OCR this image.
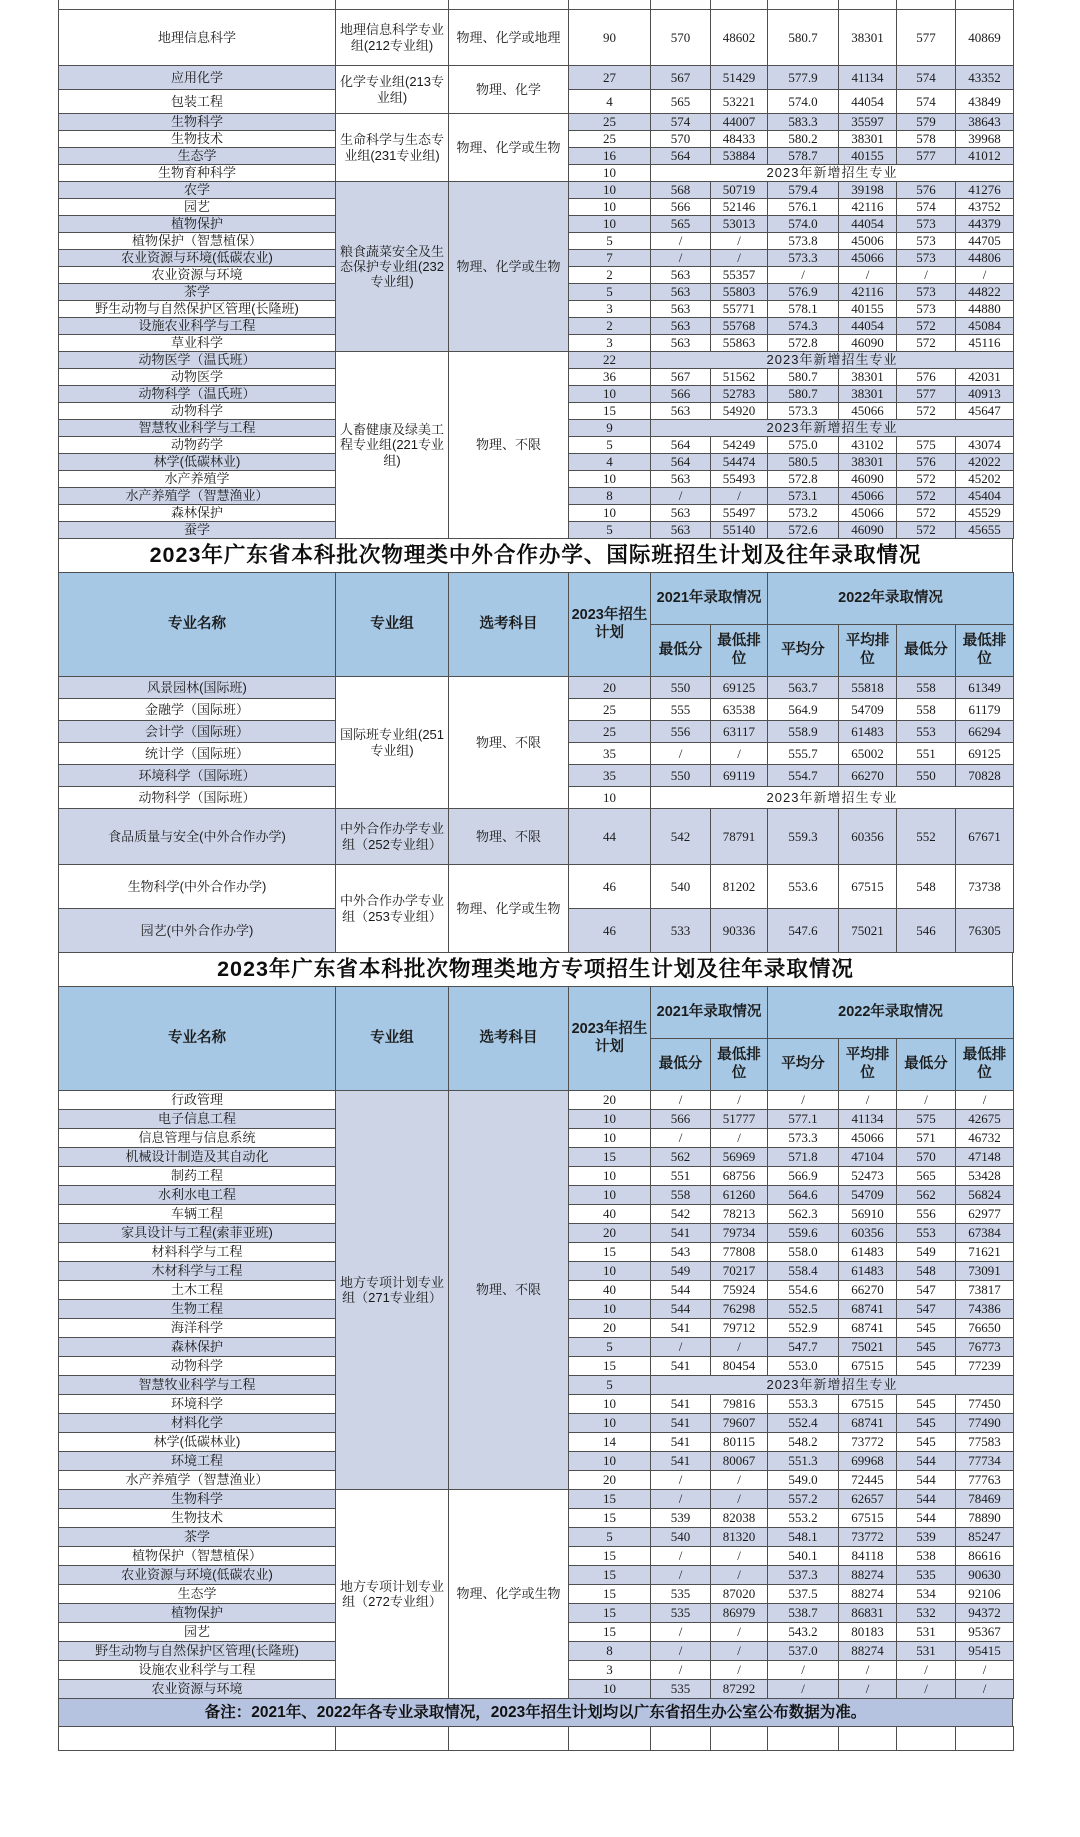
地理信息科学	地理信息科学专业组(212专业组)	物理、化学或地理	90	570	48602	580.7	38301	577	40869
应用化学	化学专业组(213专业组)	物理、化学	27	567	51429	577.9	41134	574	43352
包装工程			4	565	53221	574.0	44054	574	43849
生物科学	生命科学与生态专业组(231专业组)	物理、化学或生物	25	574	44007	583.3	35597	579	38643
生物技术			25	570	48433	580.2	38301	578	39968
生态学			16	564	53884	578.7	40155	577	41012
生物育种科学			10	2023年新增招生专业					
农学	粮食蔬菜安全及生态保护专业组(232专业组)	物理、化学或生物	10	568	50719	579.4	39198	576	41276
园艺			10	566	52146	576.1	42116	574	43752
植物保护			10	565	53013	574.0	44054	573	44379
植物保护（智慧植保）			5	/	/	573.8	45006	573	44705
农业资源与环境(低碳农业)			7	/	/	573.3	45066	573	44806
农业资源与环境			2	563	55357	/	/	/	/
茶学			5	563	55803	576.9	42116	573	44822
野生动物与自然保护区管理(长隆班)			3	563	55771	578.1	40155	573	44880
设施农业科学与工程			2	563	55768	574.3	44054	572	45084
草业科学			3	563	55863	572.8	46090	572	45116
动物医学（温氏班）	人畜健康及绿美工程专业组(221专业组)	物理、不限	22	2023年新增招生专业					
动物医学			36	567	51562	580.7	38301	576	42031
动物科学（温氏班）			10	566	52783	580.7	38301	577	40913
动物科学			15	563	54920	573.3	45066	572	45647
智慧牧业科学与工程			9	2023年新增招生专业					
动物药学			5	564	54249	575.0	43102	575	43074
林学(低碳林业)			4	564	54474	580.5	38301	576	42022
水产养殖学			10	563	55493	572.8	46090	572	45202
水产养殖学（智慧渔业）			8	/	/	573.1	45066	572	45404
森林保护			10	563	55497	573.2	45066	572	45529
蚕学			5	563	55140	572.6	46090	572	45655
2023年广东省本科批次物理类中外合作办学、国际班招生计划及往年录取情况
专业名称	专业组	选考科目	2023年招生计划	2021年录取情况		2022年录取情况			
				最低分	最低排位	平均分	平均排位	最低分	最低排位
风景园林(国际班)	国际班专业组(251专业组)	物理、不限	20	550	69125	563.7	55818	558	61349
金融学（国际班）			25	555	63538	564.9	54709	558	61179
会计学（国际班）			25	556	63117	558.9	61483	553	66294
统计学（国际班）			35	/	/	555.7	65002	551	69125
环境科学（国际班）			35	550	69119	554.7	66270	550	70828
动物科学（国际班）			10	2023年新增招生专业					
食品质量与安全(中外合作办学)	中外合作办学专业组（252专业组）	物理、不限	44	542	78791	559.3	60356	552	67671
生物科学(中外合作办学)	中外合作办学专业组（253专业组）	物理、化学或生物	46	540	81202	553.6	67515	548	73738
园艺(中外合作办学)			46	533	90336	547.6	75021	546	76305
2023年广东省本科批次物理类地方专项招生计划及往年录取情况
专业名称	专业组	选考科目	2023年招生计划	2021年录取情况		2022年录取情况			
				最低分	最低排位	平均分	平均排位	最低分	最低排位
行政管理	地方专项计划专业组（271专业组）	物理、不限	20	/	/	/	/	/	/
电子信息工程			10	566	51777	577.1	41134	575	42675
信息管理与信息系统			10	/	/	573.3	45066	571	46732
机械设计制造及其自动化			15	562	56969	571.8	47104	570	47148
制药工程			10	551	68756	566.9	52473	565	53428
水利水电工程			10	558	61260	564.6	54709	562	56824
车辆工程			40	542	78213	562.3	56910	556	62977
家具设计与工程(索菲亚班)			20	541	79734	559.6	60356	553	67384
材料科学与工程			15	543	77808	558.0	61483	549	71621
木材科学与工程			10	549	70217	558.4	61483	548	73091
土木工程			40	544	75924	554.6	66270	547	73817
生物工程			10	544	76298	552.5	68741	547	74386
海洋科学			20	541	79712	552.9	68741	545	76650
森林保护			5	/	/	547.7	75021	545	76773
动物科学			15	541	80454	553.0	67515	545	77239
智慧牧业科学与工程			5	2023年新增招生专业					
环境科学			10	541	79816	553.3	67515	545	77450
材料化学			10	541	79607	552.4	68741	545	77490
林学(低碳林业)			14	541	80115	548.2	73772	545	77583
环境工程			10	541	80067	551.3	69968	544	77734
水产养殖学（智慧渔业）			20	/	/	549.0	72445	544	77763
生物科学	地方专项计划专业组（272专业组）	物理、化学或生物	15	/	/	557.2	62657	544	78469
生物技术			15	539	82038	553.2	67515	544	78890
茶学			5	540	81320	548.1	73772	539	85247
植物保护（智慧植保）			15	/	/	540.1	84118	538	86616
农业资源与环境(低碳农业)			15	/	/	537.3	88274	535	90630
生态学			15	535	87020	537.5	88274	534	92106
植物保护			15	535	86979	538.7	86831	532	94372
园艺			15	/	/	543.2	80183	531	95367
野生动物与自然保护区管理(长隆班)			8	/	/	537.0	88274	531	95415
设施农业科学与工程			3	/	/	/	/	/	/
农业资源与环境			10	535	87292	/	/	/	/
备注：2021年、2022年各专业录取情况，2023年招生计划均以广东省招生办公室公布数据为准。
